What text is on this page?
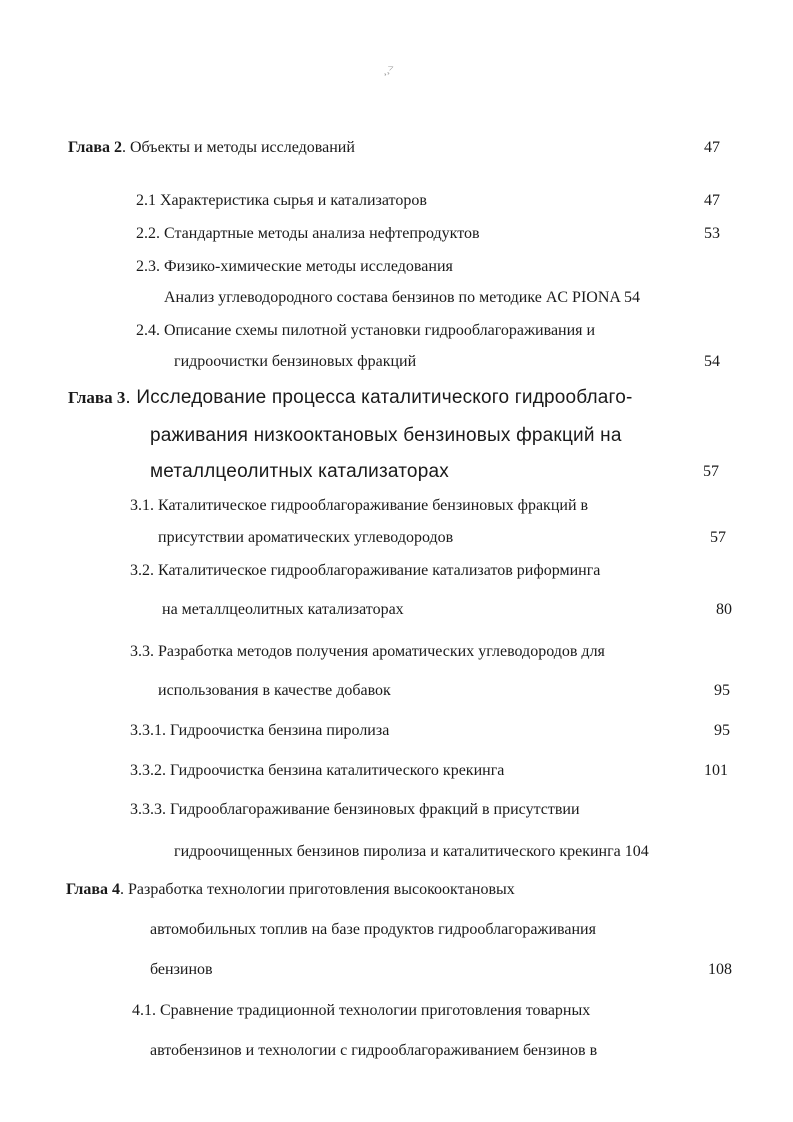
¸¸>
Глава 2. Объекты и методы исследований	47
2.1 Характеристика сырья и катализаторов	47
2.2. Стандартные методы анализа нефтепродуктов	53
2.3. Физико-химические методы исследования
Анализ углеводородного состава бензинов по методике AC PIONA 54
2.4. Описание схемы пилотной установки гидрооблагораживания и
гидроочистки бензиновых фракций	54
Глава 3. Исследование процесса каталитического гидрооблаго-
раживания низкооктановых бензиновых фракций на
металлцеолитных катализаторах	57
3.1. Каталитическое гидрооблагораживание бензиновых фракций в
присутствии ароматических углеводородов	57
3.2. Каталитическое гидрооблагораживание катализатов риформинга
на металлцеолитных катализаторах	80
3.3. Разработка методов получения ароматических углеводородов для
использования в качестве добавок	95
3.3.1. Гидроочистка бензина пиролиза	95
3.3.2. Гидроочистка бензина каталитического крекинга	101
3.3.3. Гидрооблагораживание бензиновых фракций в присутствии
гидроочищенных бензинов пиролиза и каталитического крекинга 104
Глава 4. Разработка технологии приготовления высокооктановых
автомобильных топлив на базе продуктов гидрооблагораживания
бензинов	108
4.1. Сравнение традиционной технологии приготовления товарных
автобензинов и технологии с гидрооблагораживанием бензинов в
